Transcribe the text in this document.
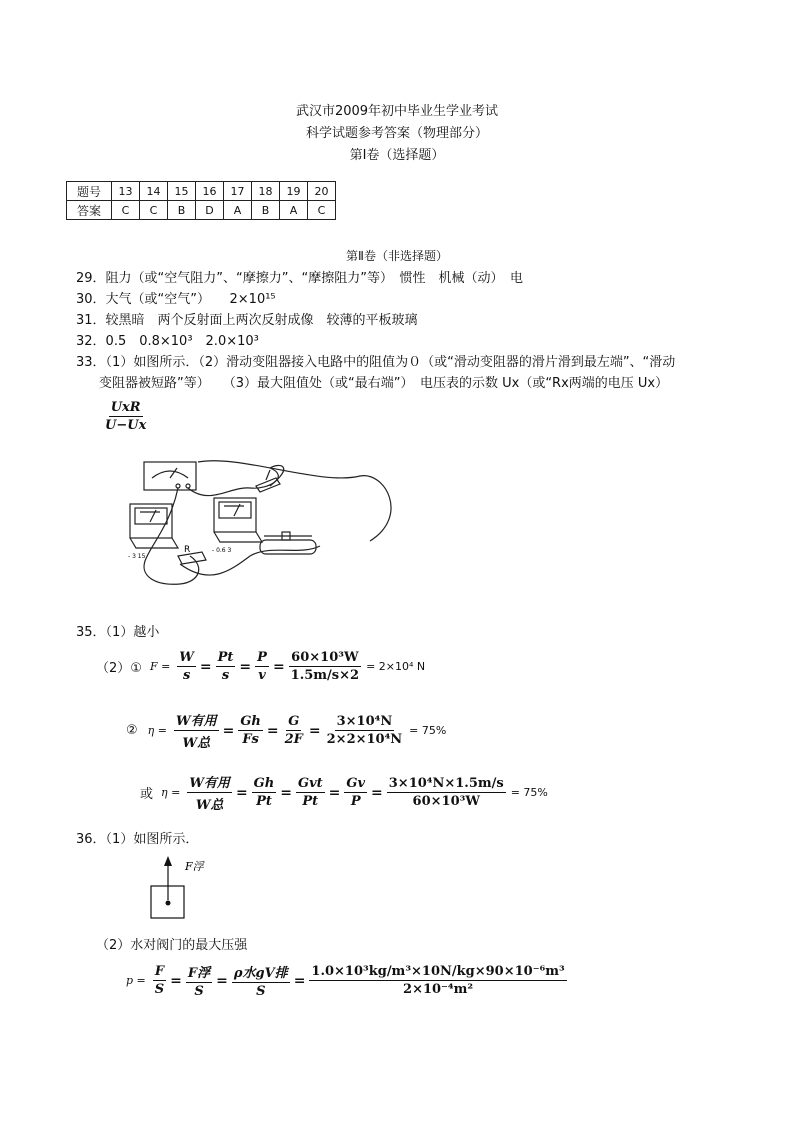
武汉市2009年初中毕业生学业考试
科学试题参考答案（物理部分）
第Ⅰ卷（选择题）
题号	13	14	15	16	17	18	19	20
答案	C	C	B	D	A	B	A	C
第Ⅱ卷（非选择题）
29．阻力（或“空气阻力”、“摩擦力”、“摩擦阻力”等）　惯性　机械（动）　电
30．大气（或“空气”）　　2×10¹⁵
31．较黑暗　两个反射面上两次反射成像　较薄的平板玻璃
32．0.5　0.8×10³　2.0×10³
33．（1）如图所示．（2）滑动变阻器接入电路中的阻值为０（或“滑动变阻器的滑片滑到最左端”、“滑动
变阻器被短路”等）　　（3）最大阻值处（或“最右端”）　电压表的示数 Ux（或“Rx两端的电压 Ux）
$\frac{\text{UxR}}{U-Ux}$
R
- 3 15
- 0.6 3
35．（1）越小
（2）① $F = \frac{W}{s} = \frac{Pt}{s} = \frac{P}{v} = \frac{\text{60×10³W}}{1.5m/s\times 2} = 2\times 10^4$ N
② $\eta = \frac{\text{W有用}}{\text{W总}} = \frac{Gh}{Fs} = \frac{G}{2F} = \frac{\text{3×10⁴N}}{\text{2×2×10⁴N}} = 75\%$
或 $\eta = \frac{\text{W有用}}{\text{W总}} = \frac{Gh}{Pt} = \frac{\text{Gvt}}{Pt} = \frac{Gv}{P} = \frac{\text{3×10⁴N×1.5m/s}}{\text{60×10³W}} = 75\%$
36．（1）如图所示．
F浮
（2）水对阀门的最大压强
$p = \frac{F}{S} = \frac{\text{F浮}}{S} = \frac{\text{ρ水gV排}}{S} = \frac{\text{1.0×10³kg/m³×10N/kg×90×10⁻⁶m³}}{\text{2×10⁻⁴m²}}$
